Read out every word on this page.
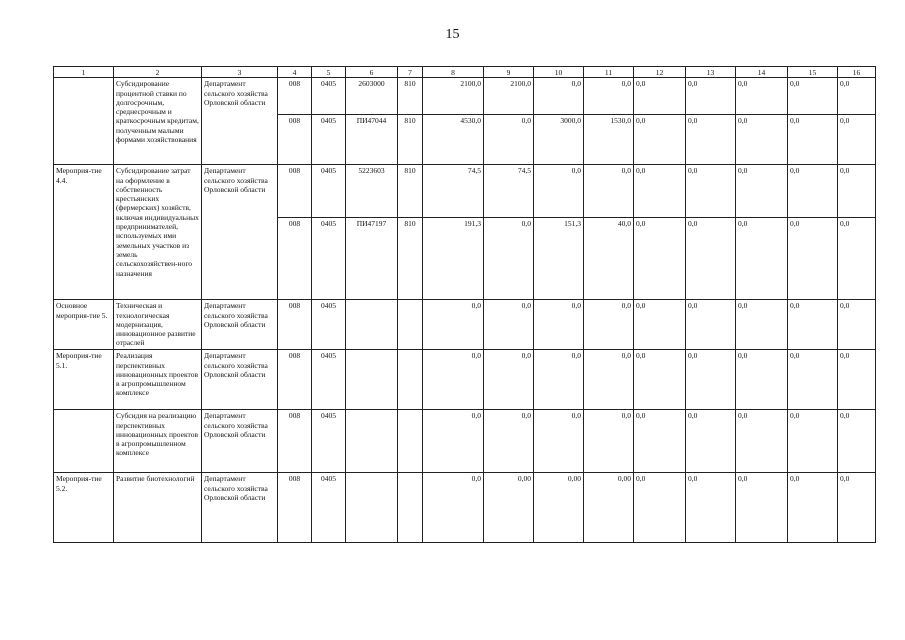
15
1	2	3	4	5	6	7	8	9	10	11	12	13	14	15	16
	Субсидирование процентной ставки по долгосрочным, среднесрочным и краткосрочным кредитам, полученным малыми формами хозяйствования	Департамент сельского хозяйства Орловской области	008	0405	2603000	810	2100,0	2100,0	0,0	0,0	0,0	0,0	0,0	0,0	0,0
			008	0405	ПИ47044	810	4530,0	0,0	3000,0	1530,0	0,0	0,0	0,0	0,0	0,0
Мероприя-тие 4.4.	Субсидирование затрат на оформление в собственность крестьянских (фермерских) хозяйств, включая индивидуальных предпринимателей, используемых ими земельных участков из земель сельскохозяйствен-ного назначения	Департамент сельского хозяйства Орловской области	008	0405	5223603	810	74,5	74,5	0,0	0,0	0,0	0,0	0,0	0,0	0,0
			008	0405	ПИ47197	810	191,3	0,0	151,3	40,0	0,0	0,0	0,0	0,0	0,0
Основное мероприя-тие 5.	Техническая и технологическая модернизация, инновационное развитие отраслей	Департамент сельского хозяйства Орловской области	008	0405			0,0	0,0	0,0	0,0	0,0	0,0	0,0	0,0	0,0
Мероприя-тие 5.1.	Реализация перспективных инновационных проектов в агропромышленном комплексе	Департамент сельского хозяйства Орловской области	008	0405			0,0	0,0	0,0	0,0	0,0	0,0	0,0	0,0	0,0
	Субсидия на реализацию перспективных инновационных проектов в агропромышленном комплексе	Департамент сельского хозяйства Орловской области	008	0405			0,0	0,0	0,0	0,0	0,0	0,0	0,0	0,0	0,0
Мероприя-тие 5.2.	Развитие биотехнологий	Департамент сельского хозяйства Орловской области	008	0405			0,0	0,00	0,00	0,00	0,0	0,0	0,0	0,0	0,0
